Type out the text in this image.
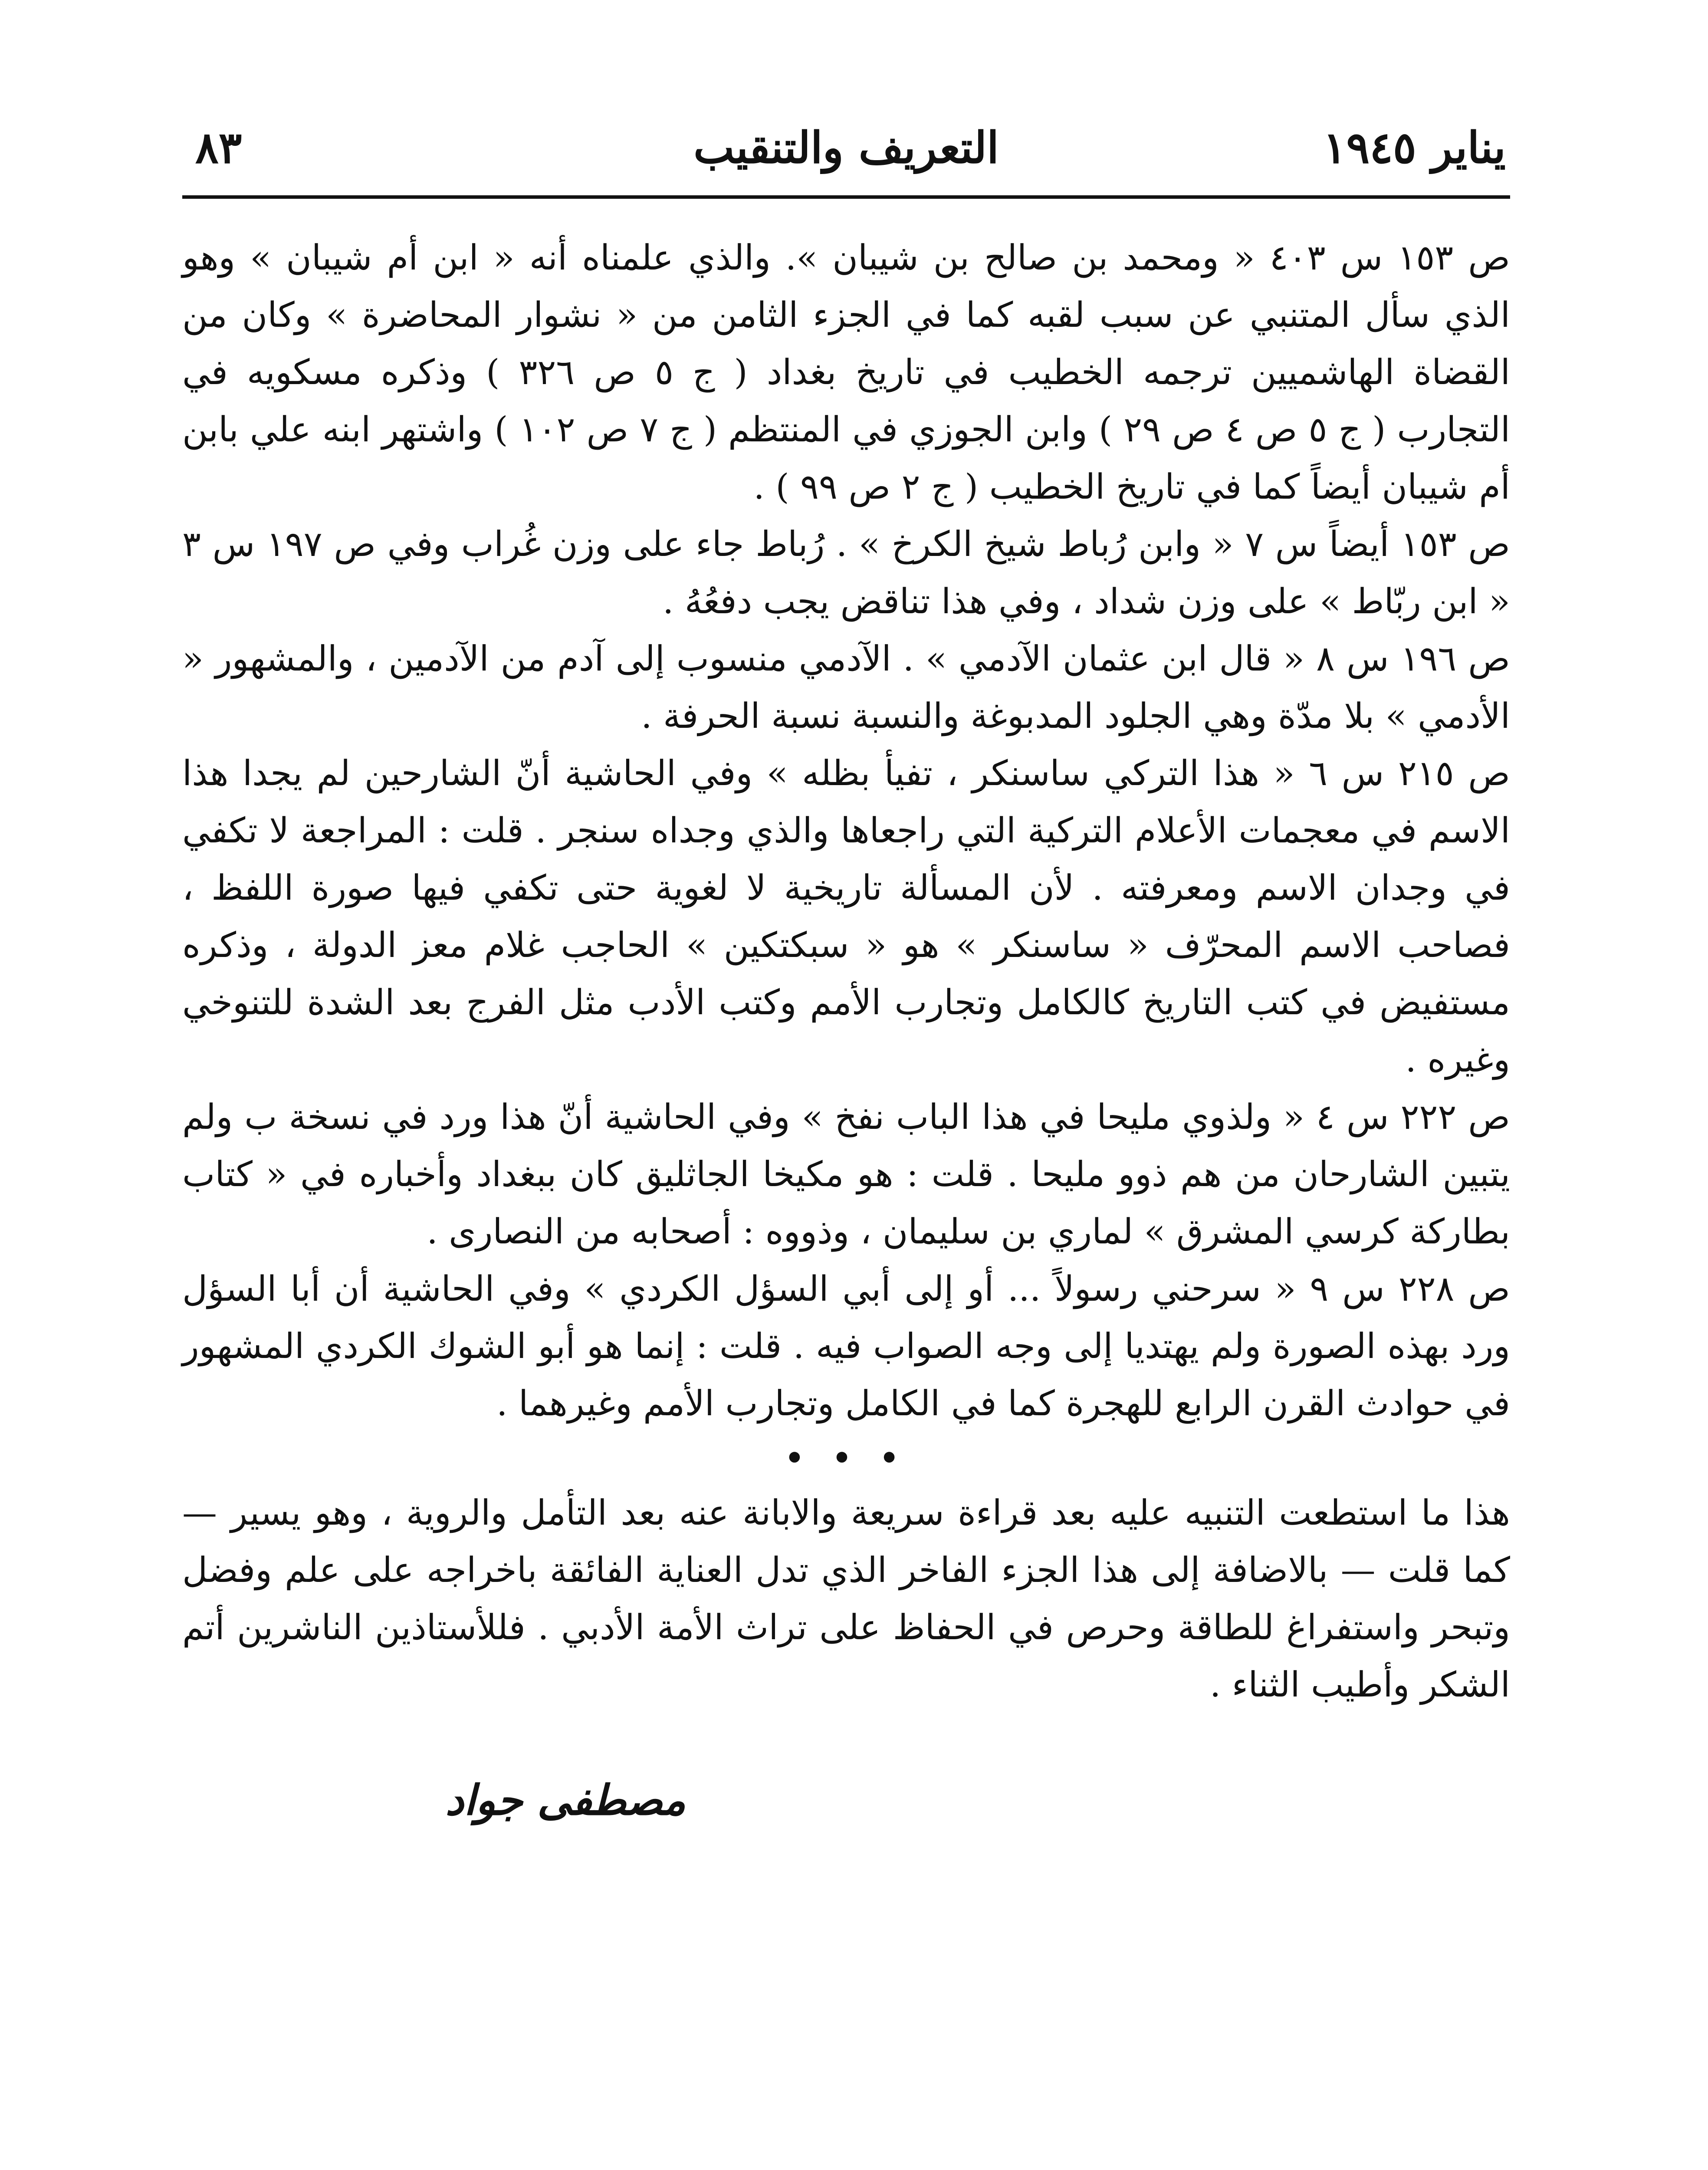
يناير ١٩٤٥
التعريف والتنقيب
٨٣

ص ١٥٣ س ٤٠٣ « ومحمد بن صالح بن شيبان ». والذي علمناه أنه « ابن أم شيبان » وهو الذي سأل المتنبي عن سبب لقبه كما في الجزء الثامن من « نشوار المحاضرة » وكان من القضاة الهاشميين ترجمه الخطيب في تاريخ بغداد ( ج ٥ ص ٣٢٦ ) وذكره مسكويه في التجارب ( ج ٥ ص ٤ ص ٢٩ ) وابن الجوزي في المنتظم ( ج ٧ ص ١٠٢ ) واشتهر ابنه علي بابن أم شيبان أيضاً كما في تاريخ الخطيب ( ج ٢ ص ٩٩ ) .

ص ١٥٣ أيضاً س ٧ « وابن رُباط شيخ الكرخ » . رُباط جاء على وزن غُراب وفي ص ١٩٧ س ٣ « ابن ربّاط » على وزن شداد ، وفي هذا تناقض يجب دفعُهُ .

ص ١٩٦ س ٨ « قال ابن عثمان الآدمي » . الآدمي منسوب إلى آدم من الآدمين ، والمشهور « الأدمي » بلا مدّة وهي الجلود المدبوغة والنسبة نسبة الحرفة .

ص ٢١٥ س ٦ « هذا التركي ساسنكر ، تفيأ بظله » وفي الحاشية أنّ الشارحين لم يجدا هذا الاسم في معجمات الأعلام التركية التي راجعاها والذي وجداه سنجر . قلت : المراجعة لا تكفي في وجدان الاسم ومعرفته . لأن المسألة تاريخية لا لغوية حتى تكفي فيها صورة اللفظ ، فصاحب الاسم المحرّف « ساسنكر » هو « سبكتكين » الحاجب غلام معز الدولة ، وذكره مستفيض في كتب التاريخ كالكامل وتجارب الأمم وكتب الأدب مثل الفرج بعد الشدة للتنوخي وغيره .

ص ٢٢٢ س ٤ « ولذوي مليحا في هذا الباب نفخ » وفي الحاشية أنّ هذا ورد في نسخة ب ولم يتبين الشارحان من هم ذوو مليحا . قلت : هو مكيخا الجاثليق كان ببغداد وأخباره في « كتاب بطاركة كرسي المشرق » لماري بن سليمان ، وذووه : أصحابه من النصارى .

ص ٢٢٨ س ٩ « سرحني رسولاً ... أو إلى أبي السؤل الكردي » وفي الحاشية أن أبا السؤل ورد بهذه الصورة ولم يهتديا إلى وجه الصواب فيه . قلت : إنما هو أبو الشوك الكردي المشهور في حوادث القرن الرابع للهجرة كما في الكامل وتجارب الأمم وغيرهما .

• • •

هذا ما استطعت التنبيه عليه بعد قراءة سريعة والابانة عنه بعد التأمل والروية ، وهو يسير — كما قلت — بالاضافة إلى هذا الجزء الفاخر الذي تدل العناية الفائقة باخراجه على علم وفضل وتبحر واستفراغ للطاقة وحرص في الحفاظ على تراث الأمة الأدبي . فللأستاذين الناشرين أتم الشكر وأطيب الثناء .

مصطفى جواد
